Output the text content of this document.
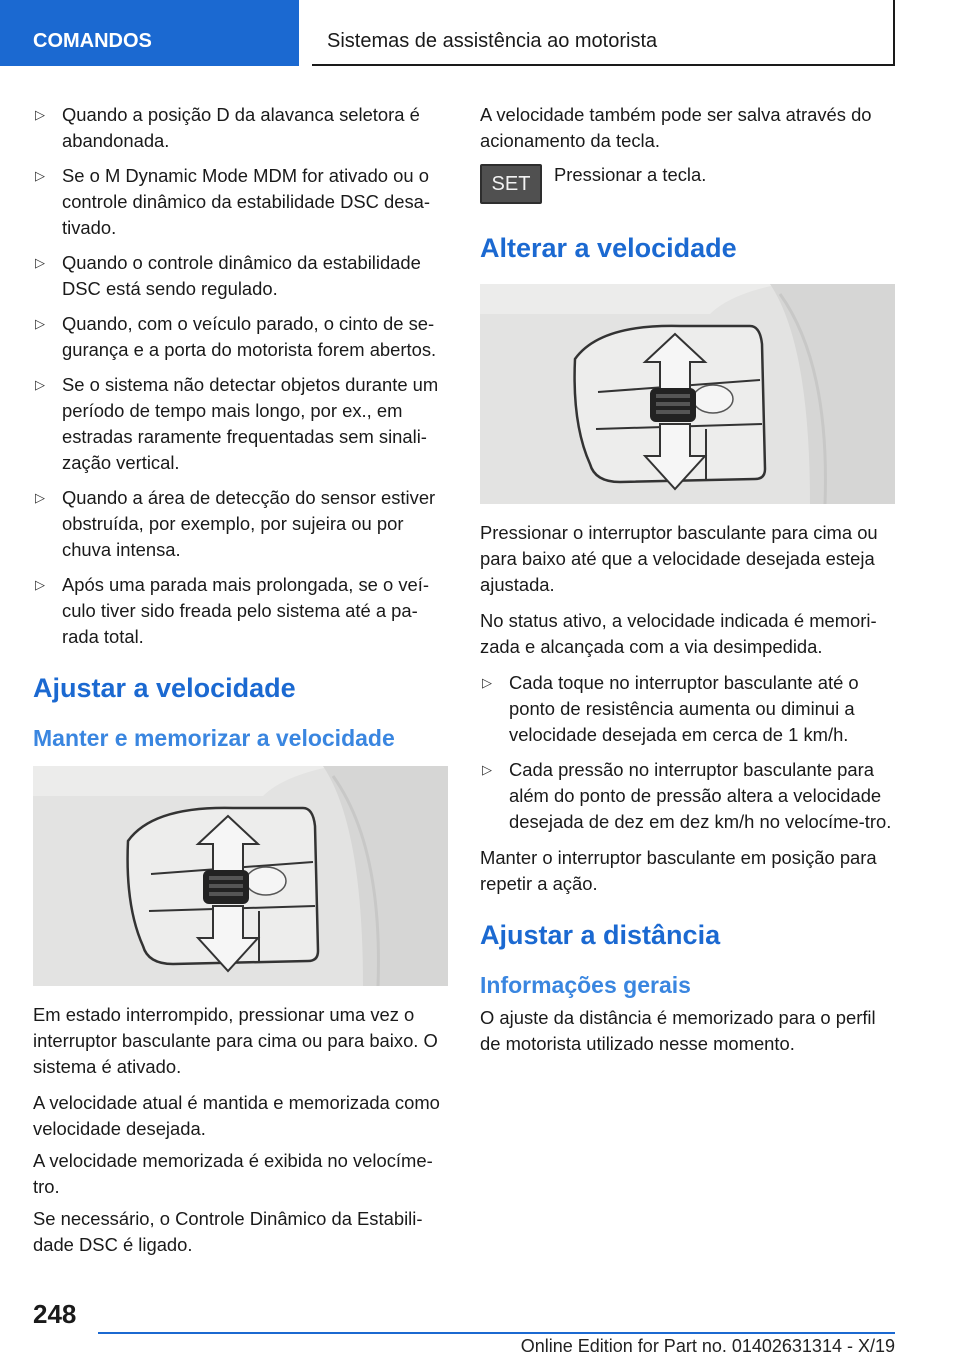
COMANDOS	Sistemas de assistência ao motorista
▷ Quando a posição D da alavanca seletora é abandonada.
▷ Se o M Dynamic Mode MDM for ativado ou o controle dinâmico da estabilidade DSC desa-tivado.
▷ Quando o controle dinâmico da estabilidade DSC está sendo regulado.
▷ Quando, com o veículo parado, o cinto de se-gurança e a porta do motorista forem abertos.
▷ Se o sistema não detectar objetos durante um período de tempo mais longo, por ex., em estradas raramente frequentadas sem sinali-zação vertical.
▷ Quando a área de detecção do sensor estiver obstruída, por exemplo, por sujeira ou por chuva intensa.
▷ Após uma parada mais prolongada, se o veí-culo tiver sido freada pelo sistema até a pa-rada total.
Ajustar a velocidade
Manter e memorizar a velocidade

Em estado interrompido, pressionar uma vez o interruptor basculante para cima ou para baixo. O sistema é ativado.

A velocidade atual é mantida e memorizada como velocidade desejada.

A velocidade memorizada é exibida no velocíme-tro.

Se necessário, o Controle Dinâmico da Estabili-dade DSC é ligado.

A velocidade também pode ser salva através do acionamento da tecla.

SET	Pressionar a tecla.
Alterar a velocidade

Pressionar o interruptor basculante para cima ou para baixo até que a velocidade desejada esteja ajustada.

No status ativo, a velocidade indicada é memori-zada e alcançada com a via desimpedida.

▷ Cada toque no interruptor basculante até o ponto de resistência aumenta ou diminui a velocidade desejada em cerca de 1 km/h.
▷ Cada pressão no interruptor basculante para além do ponto de pressão altera a velocidade desejada de dez em dez km/h no velocíme-tro.

Manter o interruptor basculante em posição para repetir a ação.

Ajustar a distância
Informações gerais

O ajuste da distância é memorizado para o perfil de motorista utilizado nesse momento.

248
Online Edition for Part no. 01402631314 - X/19
